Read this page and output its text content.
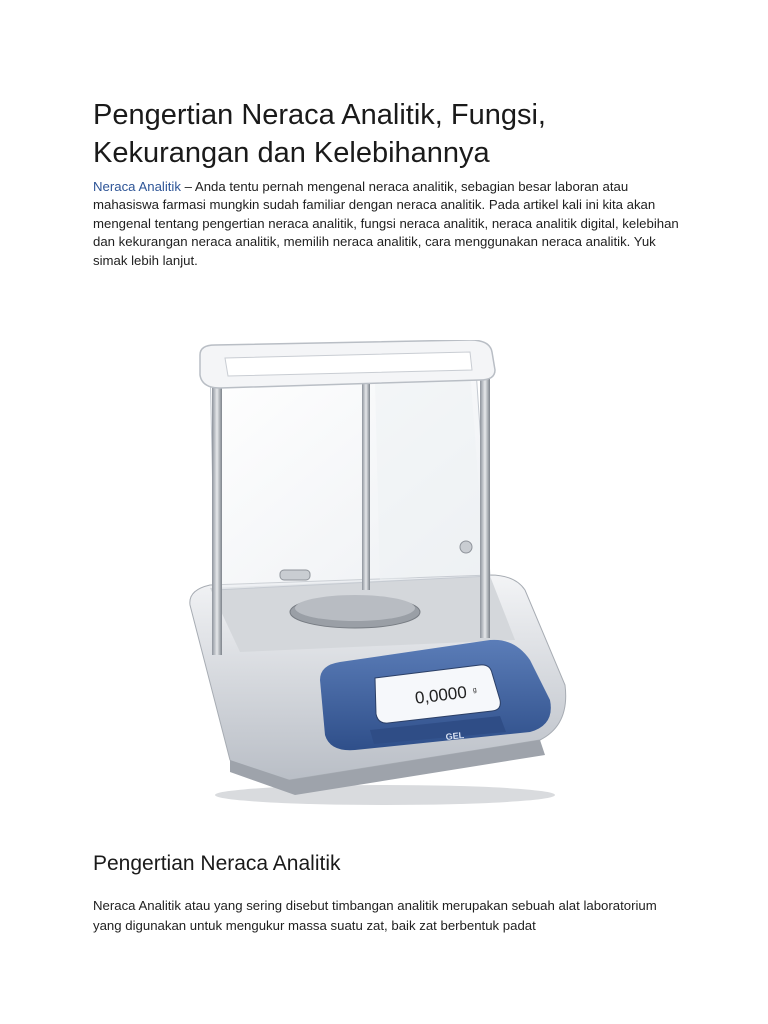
Pengertian Neraca Analitik, Fungsi,
Kekurangan dan Kelebihannya

Neraca Analitik – Anda tentu pernah mengenal neraca analitik, sebagian besar laboran atau mahasiswa farmasi mungkin sudah familiar dengan neraca analitik. Pada artikel kali ini kita akan mengenal tentang pengertian neraca analitik, fungsi neraca analitik, neraca analitik digital, kelebihan dan kekurangan neraca analitik, memilih neraca analitik, cara menggunakan neraca analitik. Yuk simak lebih lanjut.

0,0000 g
GEL
Pengertian Neraca Analitik

Neraca Analitik atau yang sering disebut timbangan analitik merupakan sebuah alat laboratorium yang digunakan untuk mengukur massa suatu zat, baik zat berbentuk padat
